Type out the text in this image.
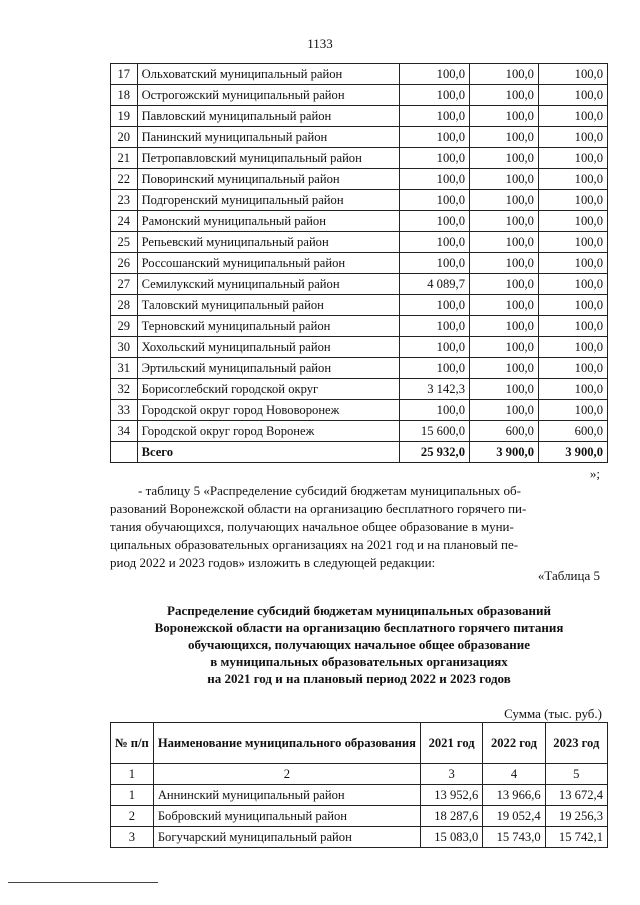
1133
17	Ольховатский муниципальный район	100,0	100,0	100,0
18	Острогожский муниципальный район	100,0	100,0	100,0
19	Павловский муниципальный район	100,0	100,0	100,0
20	Панинский муниципальный район	100,0	100,0	100,0
21	Петропавловский муниципальный район	100,0	100,0	100,0
22	Поворинский муниципальный район	100,0	100,0	100,0
23	Подгоренский муниципальный район	100,0	100,0	100,0
24	Рамонский муниципальный район	100,0	100,0	100,0
25	Репьевский муниципальный район	100,0	100,0	100,0
26	Россошанский муниципальный район	100,0	100,0	100,0
27	Семилукский муниципальный район	4 089,7	100,0	100,0
28	Таловский муниципальный район	100,0	100,0	100,0
29	Терновский муниципальный район	100,0	100,0	100,0
30	Хохольский муниципальный район	100,0	100,0	100,0
31	Эртильский муниципальный район	100,0	100,0	100,0
32	Борисоглебский городской округ	3 142,3	100,0	100,0
33	Городской округ город Нововоронеж	100,0	100,0	100,0
34	Городской округ город Воронеж	15 600,0	600,0	600,0
	Всего	25 932,0	3 900,0	3 900,0
»;
- таблицу 5 «Распределение субсидий бюджетам муниципальных об-
разований Воронежской области на организацию бесплатного горячего пи-
тания обучающихся, получающих начальное общее образование в муни-
ципальных образовательных организациях на 2021 год и на плановый пе-
риод 2022 и 2023 годов» изложить в следующей редакции:
«Таблица 5
Распределение субсидий бюджетам муниципальных образований
Воронежской области на организацию бесплатного горячего питания
обучающихся, получающих начальное общее образование
в муниципальных образовательных организациях
на 2021 год и на плановый период 2022 и 2023 годов
Сумма (тыс. руб.)
№ п/п	Наименование муниципального образования	2021 год	2022 год	2023 год
1	2	3	4	5
1	Аннинский муниципальный район	13 952,6	13 966,6	13 672,4
2	Бобровский муниципальный район	18 287,6	19 052,4	19 256,3
3	Богучарский муниципальный район	15 083,0	15 743,0	15 742,1
